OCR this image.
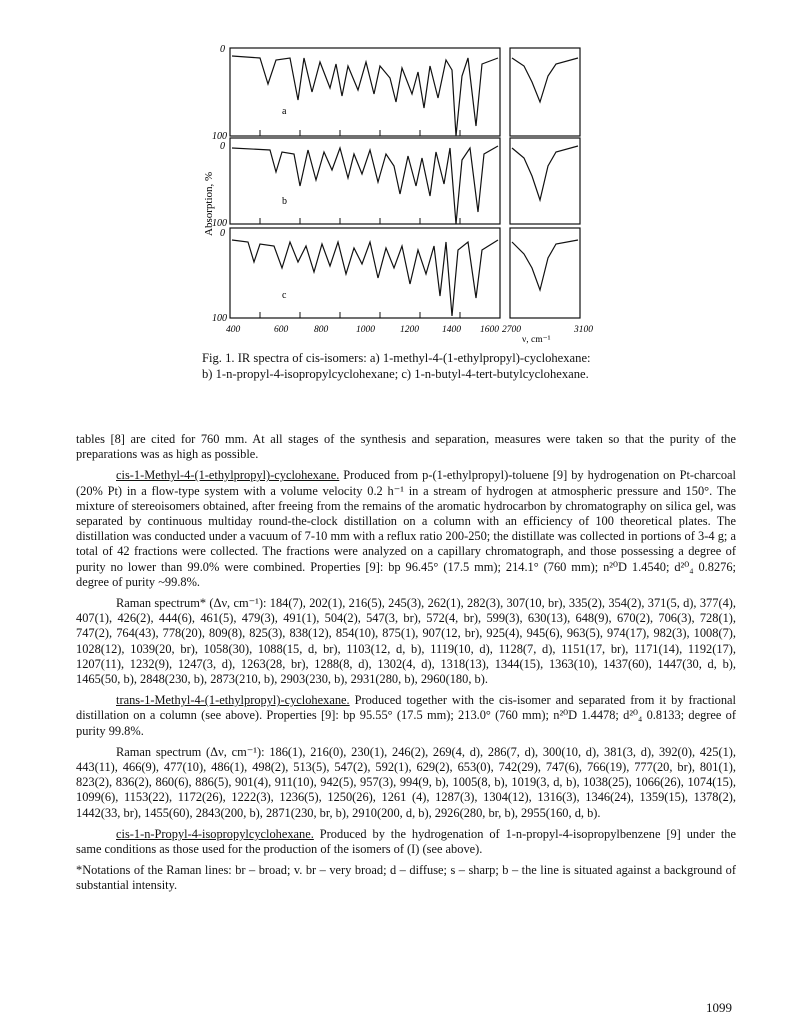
Absorption, %
0
100
0
100
0
100
a
b
c
400	600	800	1000	1200 1400 1600 2700	3100
ν, cm⁻¹
Fig. 1. IR spectra of cis-isomers: a) 1-methyl-4-(1-ethylpropyl)-cyclohexane: b) 1-n-propyl-4-isopropylcyclohexane; c) 1-n-butyl-4-tert-butylcyclohexane.

tables [8] are cited for 760 mm. At all stages of the synthesis and separation, measures were taken so that the purity of the preparations was as high as possible.

cis-1-Methyl-4-(1-ethylpropyl)-cyclohexane. Produced from p-(1-ethylpropyl)-toluene [9] by hydrogenation on Pt-charcoal (20% Pt) in a flow-type system with a volume velocity 0.2 h⁻¹ in a stream of hydrogen at atmospheric pressure and 150°. The mixture of stereoisomers obtained, after freeing from the remains of the aromatic hydrocarbon by chromatography on silica gel, was separated by continuous multiday round-the-clock distillation on a column with an efficiency of 100 theoretical plates. The distillation was conducted under a vacuum of 7-10 mm with a reflux ratio 200-250; the distillate was collected in portions of 3-4 g; a total of 42 fractions were collected. The fractions were analyzed on a capillary chromatograph, and those possessing a degree of purity no lower than 99.0% were combined. Properties [9]: bp 96.45° (17.5 mm); 214.1° (760 mm); n²⁰D 1.4540; d²⁰₄ 0.8276; degree of purity ~99.8%.

Raman spectrum* (Δν, cm⁻¹): 184(7), 202(1), 216(5), 245(3), 262(1), 282(3), 307(10, br), 335(2), 354(2), 371(5, d), 377(4), 407(1), 426(2), 444(6), 461(5), 479(3), 491(1), 504(2), 547(3, br), 572(4, br), 599(3), 630(13), 648(9), 670(2), 706(3), 728(1), 747(2), 764(43), 778(20), 809(8), 825(3), 838(12), 854(10), 875(1), 907(12, br), 925(4), 945(6), 963(5), 974(17), 982(3), 1008(7), 1028(12), 1039(20, br), 1058(30), 1088(15, d, br), 1103(12, d, b), 1119(10, d), 1128(7, d), 1151(17, br), 1171(14), 1192(17), 1207(11), 1232(9), 1247(3, d), 1263(28, br), 1288(8, d), 1302(4, d), 1318(13), 1344(15), 1363(10), 1437(60), 1447(30, d, b), 1465(50, b), 2848(230, b), 2873(210, b), 2903(230, b), 2931(280, b), 2960(180, b).

trans-1-Methyl-4-(1-ethylpropyl)-cyclohexane. Produced together with the cis-isomer and separated from it by fractional distillation on a column (see above). Properties [9]: bp 95.55° (17.5 mm); 213.0° (760 mm); n²⁰D 1.4478; d²⁰₄ 0.8133; degree of purity 99.8%.

Raman spectrum (Δν, cm⁻¹): 186(1), 216(0), 230(1), 246(2), 269(4, d), 286(7, d), 300(10, d), 381(3, d), 392(0), 425(1), 443(11), 466(9), 477(10), 486(1), 498(2), 513(5), 547(2), 592(1), 629(2), 653(0), 742(29), 747(6), 766(19), 777(20, br), 801(1), 823(2), 836(2), 860(6), 886(5), 901(4), 911(10), 942(5), 957(3), 994(9, b), 1005(8, b), 1019(3, d, b), 1038(25), 1066(26), 1074(15), 1099(6), 1153(22), 1172(26), 1222(3), 1236(5), 1250(26), 1261 (4), 1287(3), 1304(12), 1316(3), 1346(24), 1359(15), 1378(2), 1442(33, br), 1455(60), 2843(200, b), 2871(230, br, b), 2910(200, d, b), 2926(280, br, b), 2955(160, d, b).

cis-1-n-Propyl-4-isopropylcyclohexane. Produced by the hydrogenation of 1-n-propyl-4-isopropylbenzene [9] under the same conditions as those used for the production of the isomers of (I) (see above).

*Notations of the Raman lines: br – broad; v. br – very broad; d – diffuse; s – sharp; b – the line is situated against a background of substantial intensity.

1099
